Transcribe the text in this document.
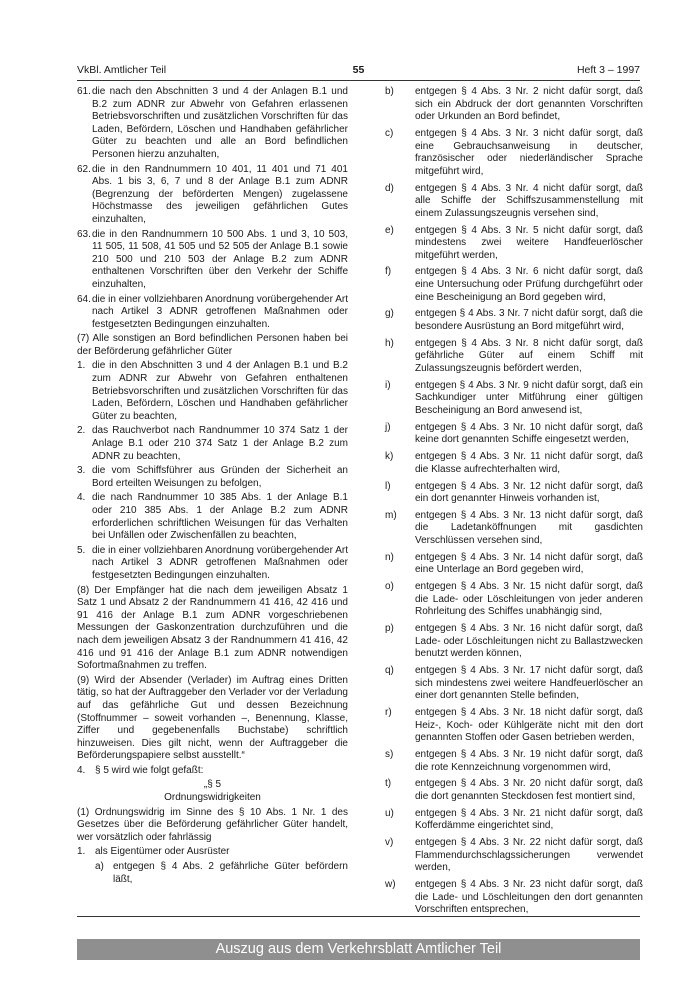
VkBl. Amtlicher Teil	55	Heft 3 – 1997
61. die nach den Abschnitten 3 und 4 der Anlagen B.1 und B.2 zum ADNR zur Abwehr von Gefahren erlassenen Betriebsvorschriften und zusätzlichen Vorschriften für das Laden, Befördern, Löschen und Handhaben gefährlicher Güter zu beachten und alle an Bord befindlichen Personen hierzu anzuhalten,
62. die in den Randnummern 10 401, 11 401 und 71 401 Abs. 1 bis 3, 6, 7 und 8 der Anlage B.1 zum ADNR (Begrenzung der beförderten Mengen) zugelassene Höchstmasse des jeweiligen gefährlichen Gutes einzuhalten,
63. die in den Randnummern 10 500 Abs. 1 und 3, 10 503, 11 505, 11 508, 41 505 und 52 505 der Anlage B.1 sowie 210 500 und 210 503 der Anlage B.2 zum ADNR enthaltenen Vorschriften über den Verkehr der Schiffe einzuhalten,
64. die in einer vollziehbaren Anordnung vorübergehender Art nach Artikel 3 ADNR getroffenen Maßnahmen oder festgesetzten Bedingungen einzuhalten.

(7) Alle sonstigen an Bord befindlichen Personen haben bei der Beförderung gefährlicher Güter

1. die in den Abschnitten 3 und 4 der Anlagen B.1 und B.2 zum ADNR zur Abwehr von Gefahren enthaltenen Betriebsvorschriften und zusätzlichen Vorschriften für das Laden, Befördern, Löschen und Handhaben gefährlicher Güter zu beachten,
2. das Rauchverbot nach Randnummer 10 374 Satz 1 der Anlage B.1 oder 210 374 Satz 1 der Anlage B.2 zum ADNR zu beachten,
3. die vom Schiffsführer aus Gründen der Sicherheit an Bord erteilten Weisungen zu befolgen,
4. die nach Randnummer 10 385 Abs. 1 der Anlage B.1 oder 210 385 Abs. 1 der Anlage B.2 zum ADNR erforderlichen schriftlichen Weisungen für das Verhalten bei Unfällen oder Zwischenfällen zu beachten,
5. die in einer vollziehbaren Anordnung vorübergehender Art nach Artikel 3 ADNR getroffenen Maßnahmen oder festgesetzten Bedingungen einzuhalten.

(8) Der Empfänger hat die nach dem jeweiligen Absatz 1 Satz 1 und Absatz 2 der Randnummern 41 416, 42 416 und 91 416 der Anlage B.1 zum ADNR vorgeschriebenen Messungen der Gaskonzentration durchzuführen und die nach dem jeweiligen Absatz 3 der Randnummern 41 416, 42 416 und 91 416 der Anlage B.1 zum ADNR notwendigen Sofortmaßnahmen zu treffen.

(9) Wird der Absender (Verlader) im Auftrag eines Dritten tätig, so hat der Auftraggeber den Verlader vor der Verladung auf das gefährliche Gut und dessen Bezeichnung (Stoffnummer – soweit vorhanden –, Benennung, Klasse, Ziffer und gegebenenfalls Buchstabe) schriftlich hinzuweisen. Dies gilt nicht, wenn der Auftraggeber die Beförderungspapiere selbst ausstellt.“

4. § 5 wird wie folgt gefaßt:

„§ 5

Ordnungswidrigkeiten

(1) Ordnungswidrig im Sinne des § 10 Abs. 1 Nr. 1 des Gesetzes über die Beförderung gefährlicher Güter handelt, wer vorsätzlich oder fahrlässig

1. als Eigentümer oder Ausrüster
a) entgegen § 4 Abs. 2 gefährliche Güter befördern läßt,
b)	entgegen § 4 Abs. 3 Nr. 2 nicht dafür sorgt, daß sich ein Abdruck der dort genannten Vorschriften oder Urkunden an Bord befindet,
c)	entgegen § 4 Abs. 3 Nr. 3 nicht dafür sorgt, daß eine Gebrauchsanweisung in deutscher, französischer oder niederländischer Sprache mitgeführt wird,
d)	entgegen § 4 Abs. 3 Nr. 4 nicht dafür sorgt, daß alle Schiffe der Schiffszusammenstellung mit einem Zulassungszeugnis versehen sind,
e)	entgegen § 4 Abs. 3 Nr. 5 nicht dafür sorgt, daß mindestens zwei weitere Handfeuerlöscher mitgeführt werden,
f)	entgegen § 4 Abs. 3 Nr. 6 nicht dafür sorgt, daß eine Untersuchung oder Prüfung durchgeführt oder eine Bescheinigung an Bord gegeben wird,
g)	entgegen § 4 Abs. 3 Nr. 7 nicht dafür sorgt, daß die besondere Ausrüstung an Bord mitgeführt wird,
h)	entgegen § 4 Abs. 3 Nr. 8 nicht dafür sorgt, daß gefährliche Güter auf einem Schiff mit Zulassungszeugnis befördert werden,
i)	entgegen § 4 Abs. 3 Nr. 9 nicht dafür sorgt, daß ein Sachkundiger unter Mitführung einer gültigen Bescheinigung an Bord anwesend ist,
j)	entgegen § 4 Abs. 3 Nr. 10 nicht dafür sorgt, daß keine dort genannten Schiffe eingesetzt werden,
k)	entgegen § 4 Abs. 3 Nr. 11 nicht dafür sorgt, daß die Klasse aufrechterhalten wird,
l)	entgegen § 4 Abs. 3 Nr. 12 nicht dafür sorgt, daß ein dort genannter Hinweis vorhanden ist,
m)	entgegen § 4 Abs. 3 Nr. 13 nicht dafür sorgt, daß die Ladetanköffnungen mit gasdichten Verschlüssen versehen sind,
n)	entgegen § 4 Abs. 3 Nr. 14 nicht dafür sorgt, daß eine Unterlage an Bord gegeben wird,
o)	entgegen § 4 Abs. 3 Nr. 15 nicht dafür sorgt, daß die Lade- oder Löschleitungen von jeder anderen Rohrleitung des Schiffes unabhängig sind,
p)	entgegen § 4 Abs. 3 Nr. 16 nicht dafür sorgt, daß Lade- oder Löschleitungen nicht zu Ballastzwecken benutzt werden können,
q)	entgegen § 4 Abs. 3 Nr. 17 nicht dafür sorgt, daß sich mindestens zwei weitere Handfeuerlöscher an einer dort genannten Stelle befinden,
r)	entgegen § 4 Abs. 3 Nr. 18 nicht dafür sorgt, daß Heiz-, Koch- oder Kühlgeräte nicht mit den dort genannten Stoffen oder Gasen betrieben werden,
s)	entgegen § 4 Abs. 3 Nr. 19 nicht dafür sorgt, daß die rote Kennzeichnung vorgenommen wird,
t)	entgegen § 4 Abs. 3 Nr. 20 nicht dafür sorgt, daß die dort genannten Steckdosen fest montiert sind,
u)	entgegen § 4 Abs. 3 Nr. 21 nicht dafür sorgt, daß Kofferdämme eingerichtet sind,
v)	entgegen § 4 Abs. 3 Nr. 22 nicht dafür sorgt, daß Flammendurchschlagssicherungen verwendet werden,
w)	entgegen § 4 Abs. 3 Nr. 23 nicht dafür sorgt, daß die Lade- und Löschleitungen den dort genannten Vorschriften entsprechen,
Auszug aus dem Verkehrsblatt Amtlicher Teil
